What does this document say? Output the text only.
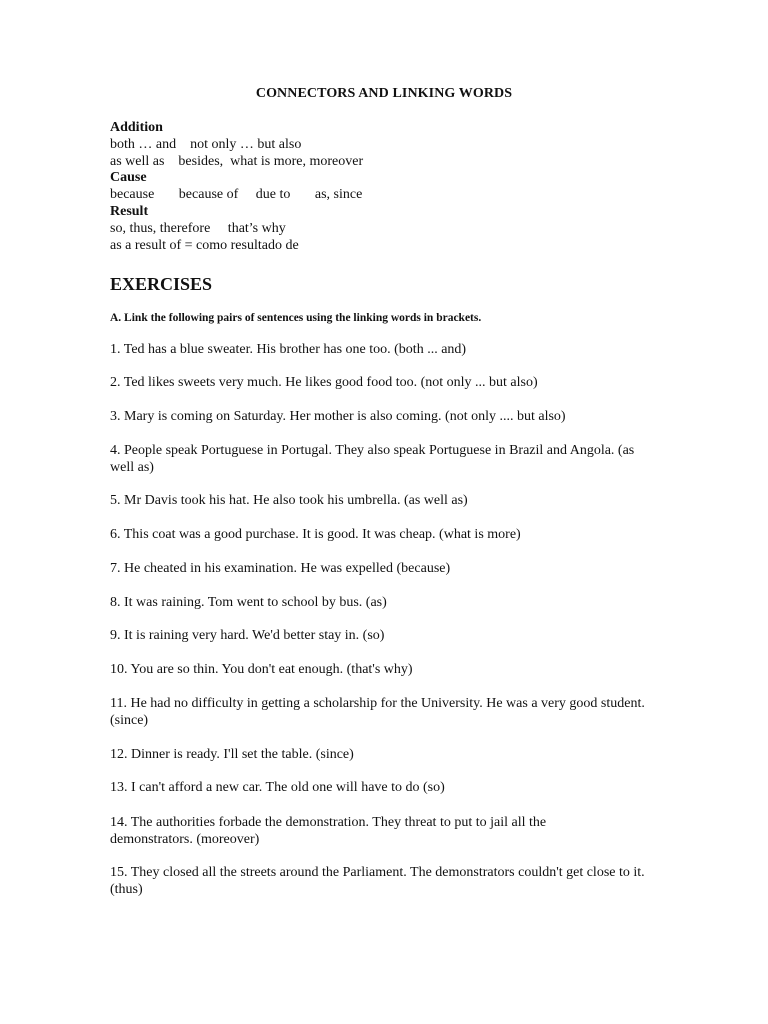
CONNECTORS AND LINKING WORDS
Addition
both … and    not only … but also
as well as    besides,  what is more, moreover
Cause
because       because of     due to       as, since
Result
so, thus, therefore     that’s why
as a result of = como resultado de
EXERCISES
A. Link the following pairs of sentences using the linking words in brackets.
1. Ted has a blue sweater. His brother has one too. (both ... and)
2. Ted likes sweets very much. He likes good food too. (not only ... but also)
3. Mary is coming on Saturday. Her mother is also coming. (not only .... but also)
4. People speak Portuguese in Portugal. They also speak Portuguese in Brazil and Angola. (as well as)
5. Mr Davis took his hat. He also took his umbrella. (as well as)
6. This coat was a good purchase. It is good. It was cheap. (what is more)
7. He cheated in his examination. He was expelled (because)
8. It was raining. Tom went to school by bus. (as)
9. It is raining very hard. We'd better stay in. (so)
10. You are so thin. You don't eat enough. (that's why)
11. He had no difficulty in getting a scholarship for the University. He was a very good student. (since)
12. Dinner is ready. I'll set the table. (since)
13. I can't afford a new car. The old one will have to do (so)
14. The authorities forbade the demonstration. They threat to put to jail all the demonstrators. (moreover)
15. They closed all the streets around the Parliament. The demonstrators couldn't get close to it. (thus)
